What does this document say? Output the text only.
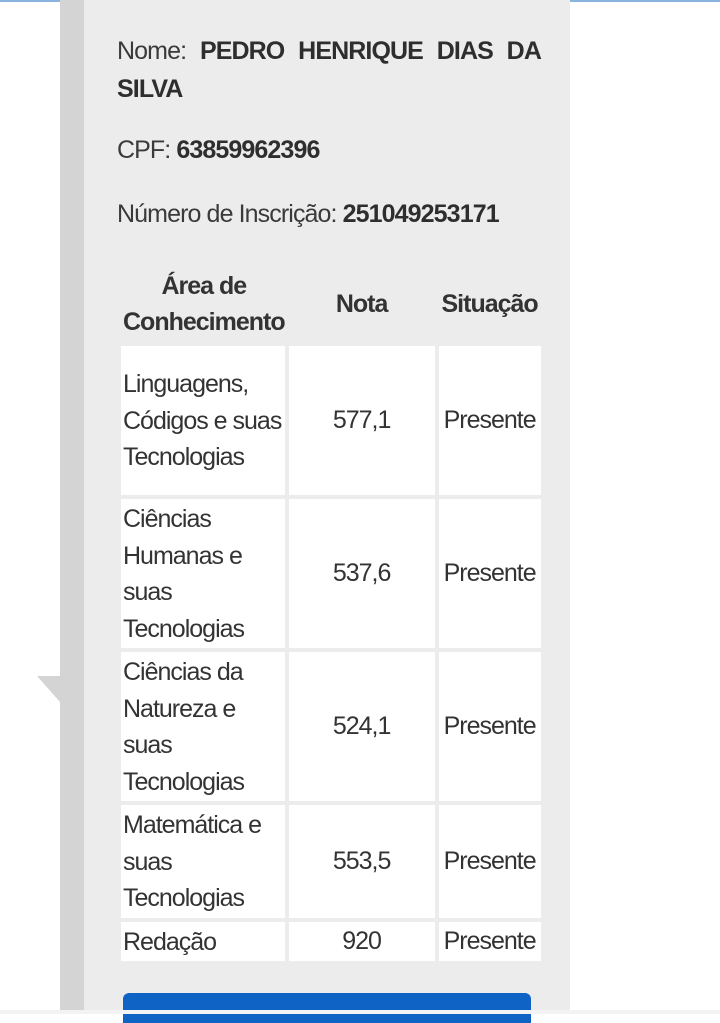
Nome: PEDRO HENRIQUE DIAS DA SILVA

CPF: 63859962396

Número de Inscrição: 251049253171

Área de Conhecimento	Nota	Situação
Linguagens, Códigos e suas Tecnologias	577,1	Presente
Ciências Humanas e suas Tecnologias	537,6	Presente
Ciências da Natureza e suas Tecnologias	524,1	Presente
Matemática e suas Tecnologias	553,5	Presente
Redação	920	Presente
